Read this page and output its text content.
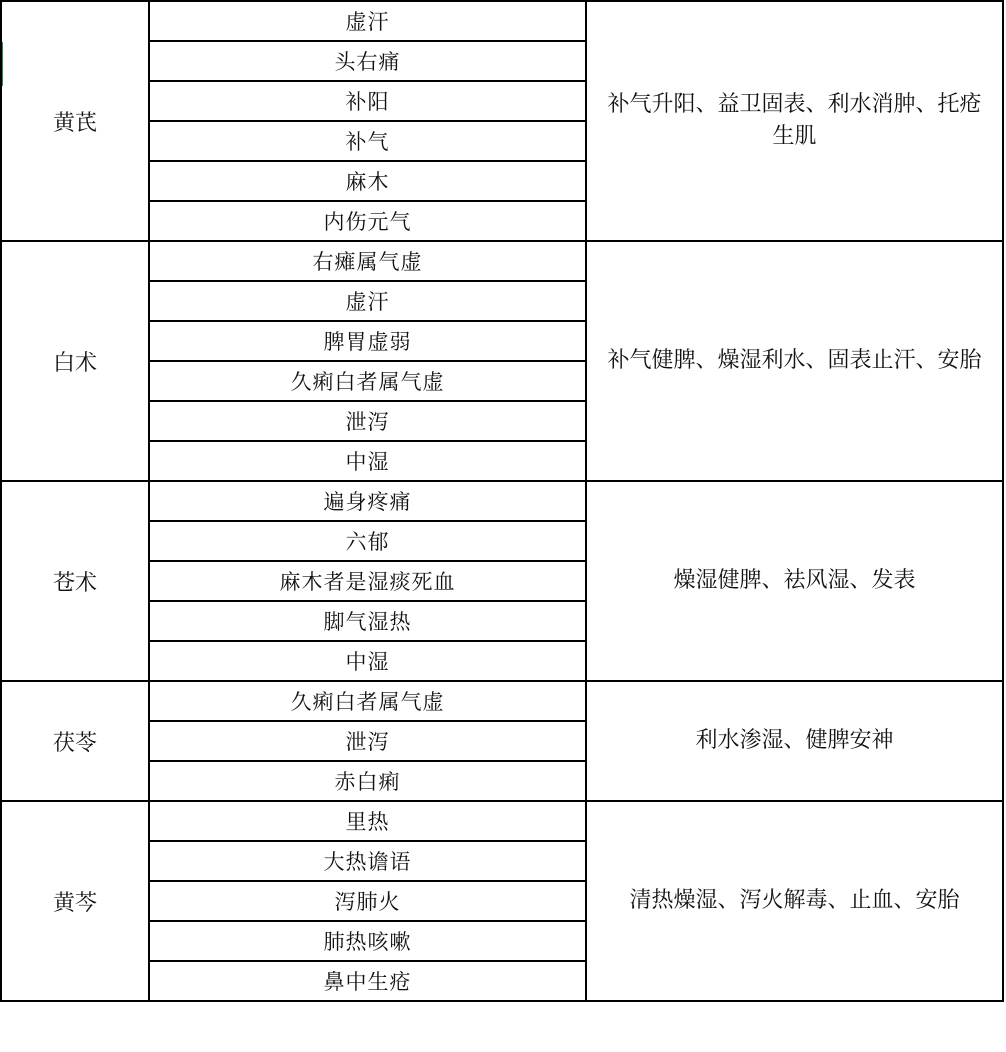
黄芪	虚汗	补气升阳、益卫固表、利水消肿、托疮生肌
	头右痛	
	补阳	
	补气	
	麻木	
	内伤元气	
白术	右瘫属气虚	补气健脾、燥湿利水、固表止汗、安胎
	虚汗	
	脾胃虚弱	
	久痢白者属气虚	
	泄泻	
	中湿	
苍术	遍身疼痛	燥湿健脾、祛风湿、发表
	六郁	
	麻木者是湿痰死血	
	脚气湿热	
	中湿	
茯苓	久痢白者属气虚	利水渗湿、健脾安神
	泄泻	
	赤白痢	
黄芩	里热	清热燥湿、泻火解毒、止血、安胎
	大热谵语	
	泻肺火	
	肺热咳嗽	
	鼻中生疮	
